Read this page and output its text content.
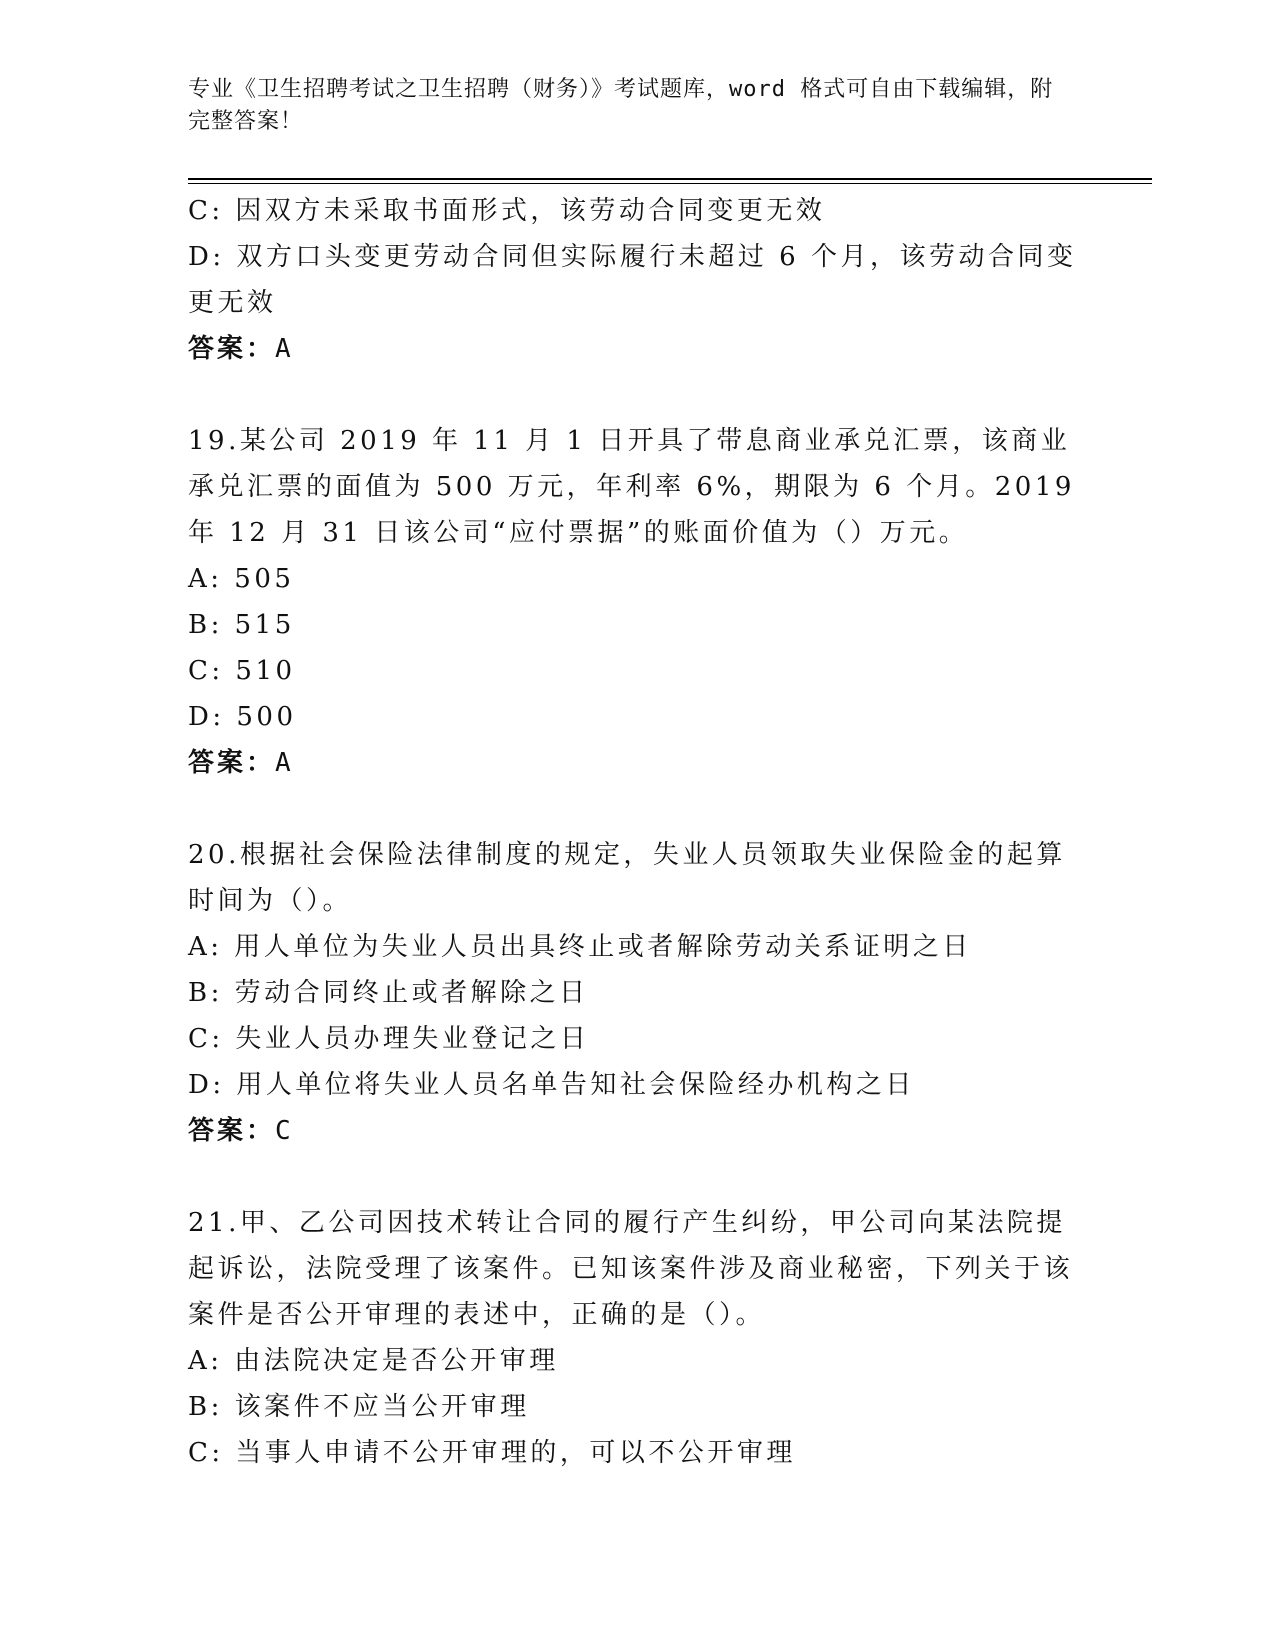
专业《卫生招聘考试之卫生招聘（财务）》考试题库，word 格式可自由下载编辑，附完整答案！

C: 因双方未采取书面形式，该劳动合同变更无效

D: 双方口头变更劳动合同但实际履行未超过 6 个月，该劳动合同变更无效

答案：A

19.某公司 2019 年 11 月 1 日开具了带息商业承兑汇票，该商业承兑汇票的面值为 500 万元，年利率 6%，期限为 6 个月。2019 年 12 月 31 日该公司“应付票据”的账面价值为（）万元。

A: 505

B: 515

C: 510

D: 500

答案：A

20.根据社会保险法律制度的规定，失业人员领取失业保险金的起算时间为（）。

A: 用人单位为失业人员出具终止或者解除劳动关系证明之日

B: 劳动合同终止或者解除之日

C: 失业人员办理失业登记之日

D: 用人单位将失业人员名单告知社会保险经办机构之日

答案：C

21.甲、乙公司因技术转让合同的履行产生纠纷，甲公司向某法院提起诉讼，法院受理了该案件。已知该案件涉及商业秘密，下列关于该案件是否公开审理的表述中，正确的是（）。

A: 由法院决定是否公开审理

B: 该案件不应当公开审理

C: 当事人申请不公开审理的，可以不公开审理
